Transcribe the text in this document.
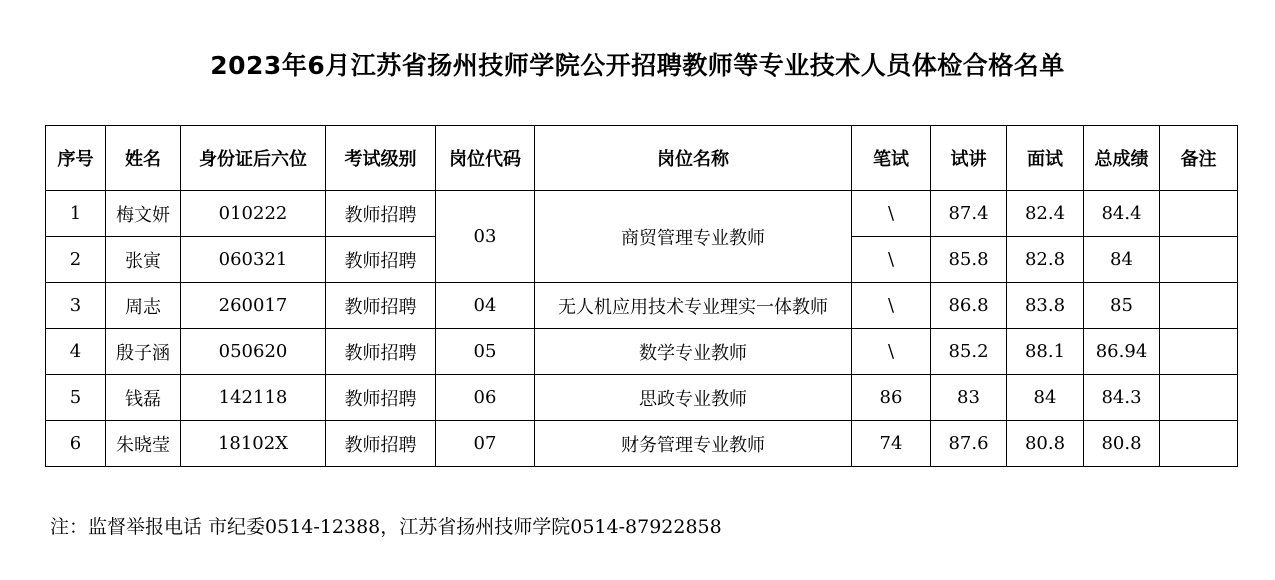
2023年6月江苏省扬州技师学院公开招聘教师等专业技术人员体检合格名单
序号	姓名	身份证后六位	考试级别	岗位代码	岗位名称	笔试	试讲	面试	总成绩	备注
1	梅文妍	010222	教师招聘	03	商贸管理专业教师	\	87.4	82.4	84.4	
2	张寅	060321	教师招聘			\	85.8	82.8	84	
3	周志	260017	教师招聘	04	无人机应用技术专业理实一体教师	\	86.8	83.8	85	
4	殷子涵	050620	教师招聘	05	数学专业教师	\	85.2	88.1	86.94	
5	钱磊	142118	教师招聘	06	思政专业教师	86	83	84	84.3	
6	朱晓莹	18102X	教师招聘	07	财务管理专业教师	74	87.6	80.8	80.8	
注：监督举报电话 市纪委0514-12388，江苏省扬州技师学院0514-87922858
